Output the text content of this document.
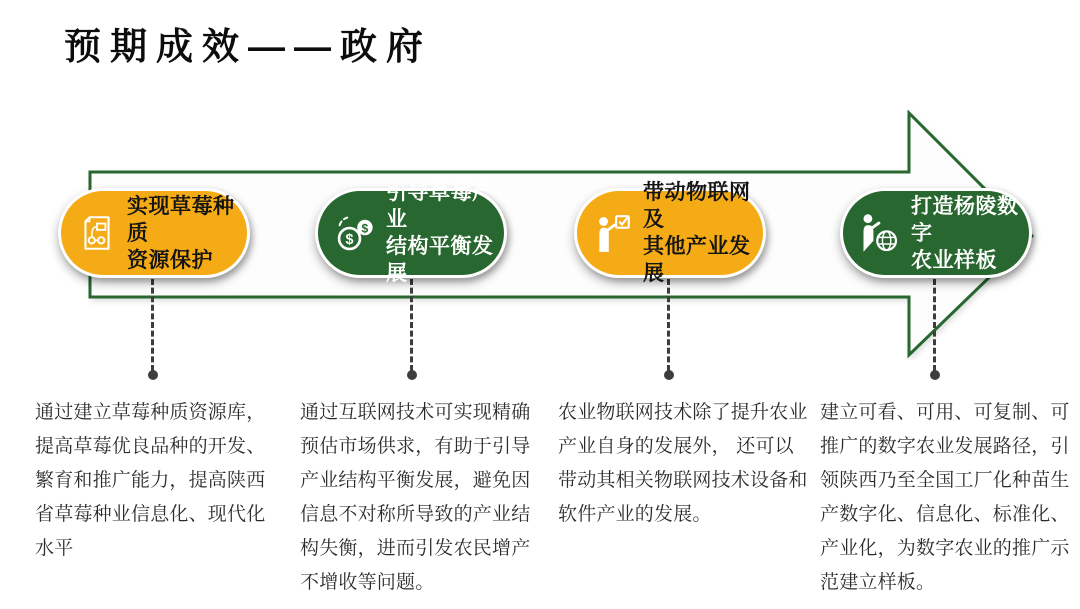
预期成效——政府
实现草莓种质
资源保护
$
$
引导草莓产业
结构平衡发展
带动物联网及
其他产业发展
打造杨陵数字
农业样板

通过建立草莓种质资源库，提高草莓优良品种的开发、繁育和推广能力，提高陕西省草莓种业信息化、现代化水平

通过互联网技术可实现精确预估市场供求，有助于引导产业结构平衡发展，避免因信息不对称所导致的产业结构失衡，进而引发农民增产不增收等问题。

农业物联网技术除了提升农业产业自身的发展外， 还可以带动其相关物联网技术设备和软件产业的发展。

建立可看、可用、可复制、可推广的数字农业发展路径，引领陕西乃至全国工厂化种苗生产数字化、信息化、标准化、产业化，为数字农业的推广示范建立样板。
